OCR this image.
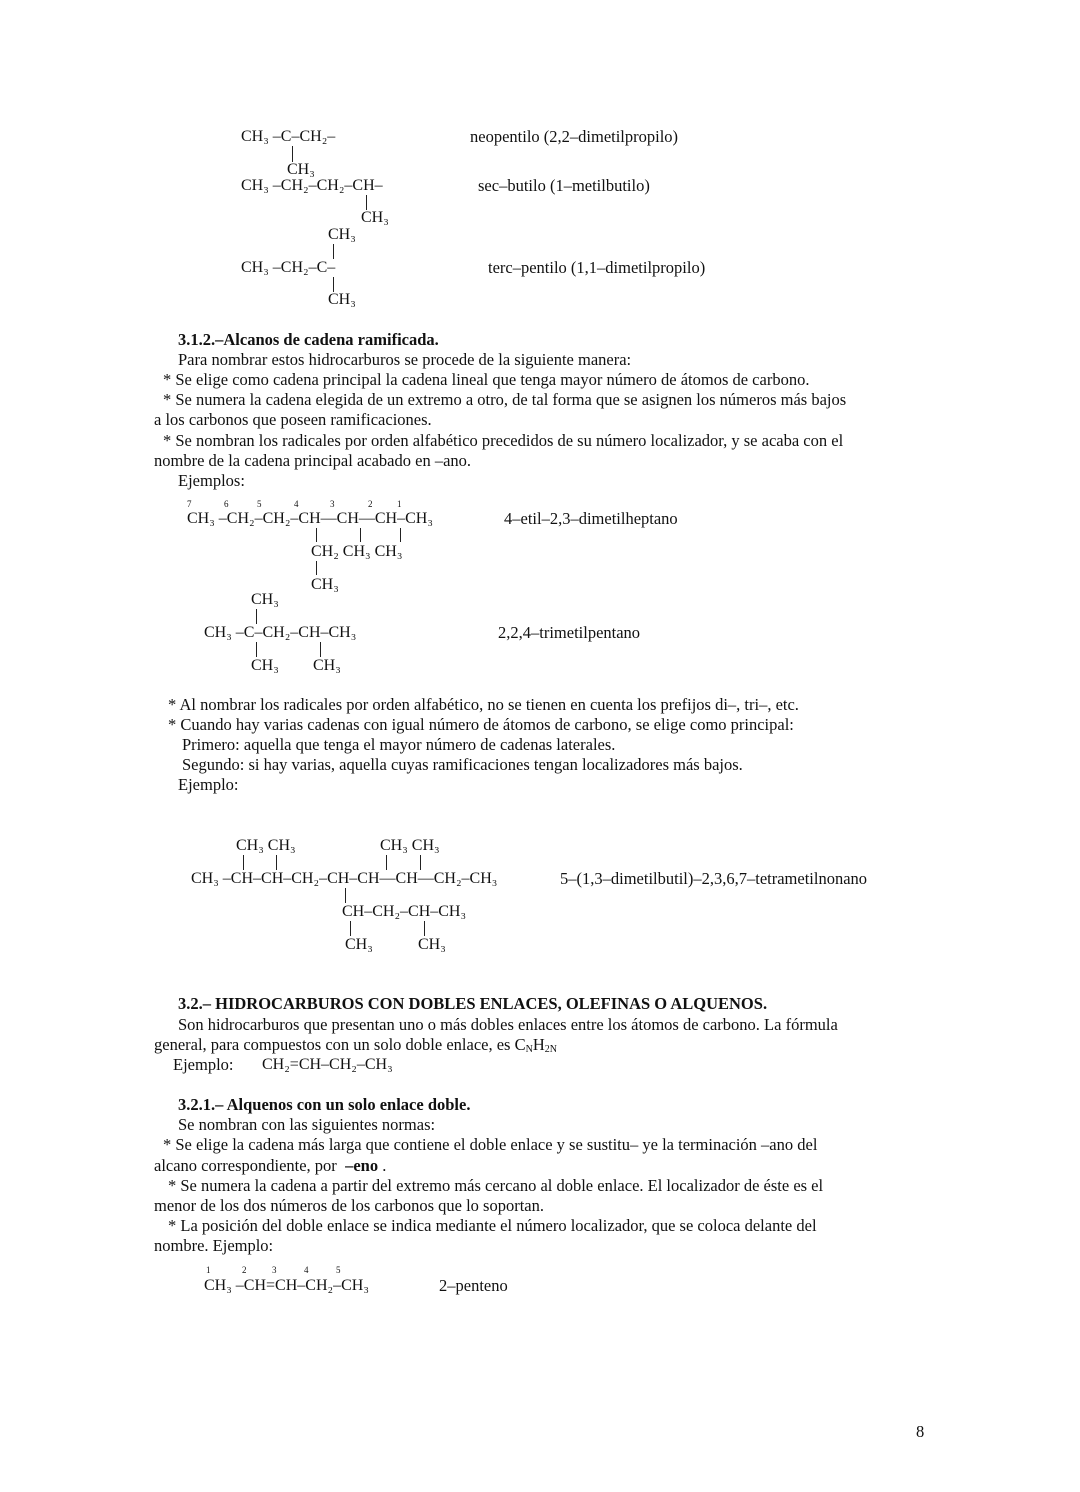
CH₃ –C–CH₂–
CH₃
neopentilo (2,2–dimetilpropilo)
CH₃ –CH₂–CH₂–CH–
CH₃
sec–butilo (1–metilbutilo)
CH₃
CH₃ –CH₂–C–
CH₃
terc–pentilo (1,1–dimetilpropilo)
3.1.2.–Alcanos de cadena ramificada.
Para nombrar estos hidrocarburos se procede de la siguiente manera:
* Se elige como cadena principal la cadena lineal que tenga mayor número de átomos de carbono.
* Se numera la cadena elegida de un extremo a otro, de tal forma que se asignen los números más bajos
a los carbonos que poseen ramificaciones.
* Se nombran los radicales por orden alfabético precedidos de su número localizador, y se acaba con el
nombre de la cadena principal acabado en –ano.
Ejemplos:
7	6	5	4	3	2	1
CH₃ –CH₂–CH₂–CH—CH—CH–CH₃
CH₂ CH₃ CH₃
CH₃
4–etil–2,3–dimetilheptano
CH₃
CH₃ –C–CH₂–CH–CH₃
CH₃ CH₃
2,2,4–trimetilpentano
* Al nombrar los radicales por orden alfabético, no se tienen en cuenta los prefijos di–, tri–, etc.
* Cuando hay varias cadenas con igual número de átomos de carbono, se elige como principal:
Primero: aquella que tenga el mayor número de cadenas laterales.
Segundo: si hay varias, aquella cuyas ramificaciones tengan localizadores más bajos.
Ejemplo:
CH₃ CH₃	CH₃ CH₃
CH₃ –CH–CH–CH₂–CH–CH—CH—CH₂–CH₃
CH–CH₂–CH–CH₃
CH₃	CH₃
5–(1,3–dimetilbutil)–2,3,6,7–tetrametilnonano
3.2.– HIDROCARBUROS CON DOBLES ENLACES, OLEFINAS O ALQUENOS.
Son hidrocarburos que presentan uno o más dobles enlaces entre los átomos de carbono. La fórmula
general, para compuestos con un solo doble enlace, es $C_NH_{2N}$
Ejemplo: CH₂=CH–CH₂–CH₃
3.2.1.– Alquenos con un solo enlace doble.
Se nombran con las siguientes normas:
* Se elige la cadena más larga que contiene el doble enlace y se sustitu– ye la terminación –ano del
alcano correspondiente, por –eno .
* Se numera la cadena a partir del extremo más cercano al doble enlace. El localizador de éste es el
menor de los dos números de los carbonos que lo soportan.
* La posición del doble enlace se indica mediante el número localizador, que se coloca delante del
nombre. Ejemplo:
1	2	3	4	5
CH₃ –CH=CH–CH₂–CH₃	2–penteno
8
